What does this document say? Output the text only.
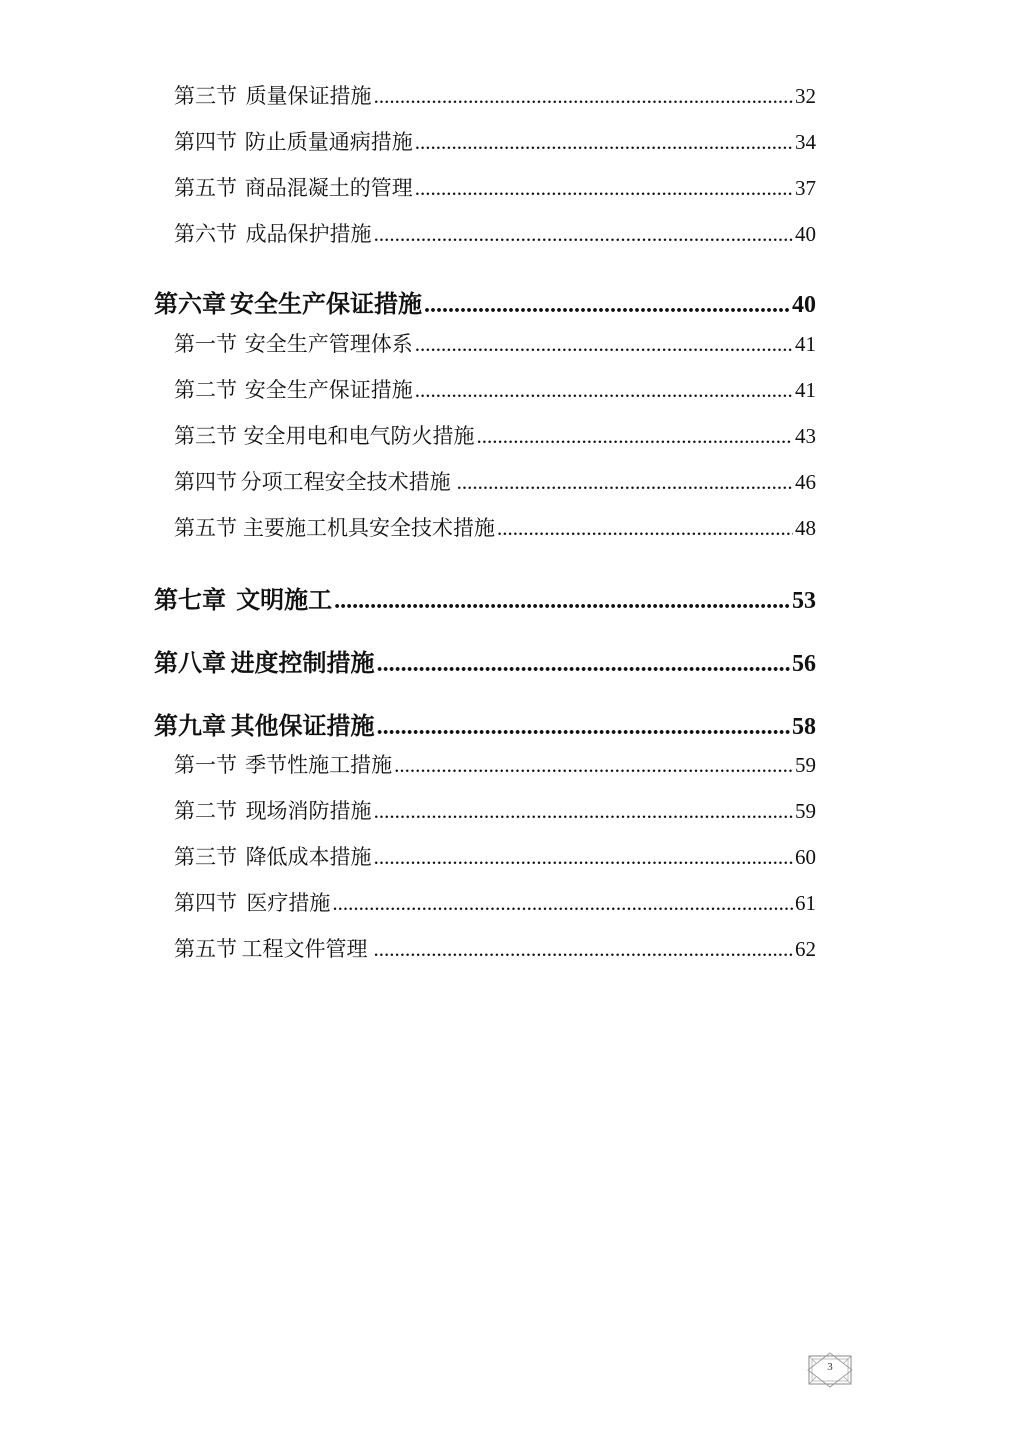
第三节 质量保证措施 .....	32
第四节 防止质量通病措施 .....	34
第五节 商品混凝土的管理 .....	37
第六节 成品保护措施 .....	40
第六章 安全生产保证措施 .....	40
第一节 安全生产管理体系 .....	41
第二节 安全生产保证措施 .....	41
第三节 安全用电和电气防火措施 .....	43
第四节 分项工程安全技术措施 .....	46
第五节 主要施工机具安全技术措施 .....	48
第七章 文明施工 .....	53
第八章 进度控制措施 .....	56
第九章 其他保证措施 .....	58
第一节 季节性施工措施 .....	59
第二节 现场消防措施 .....	59
第三节 降低成本措施 .....	60
第四节 医疗措施 .....	61
第五节 工程文件管理 .....	62
3
